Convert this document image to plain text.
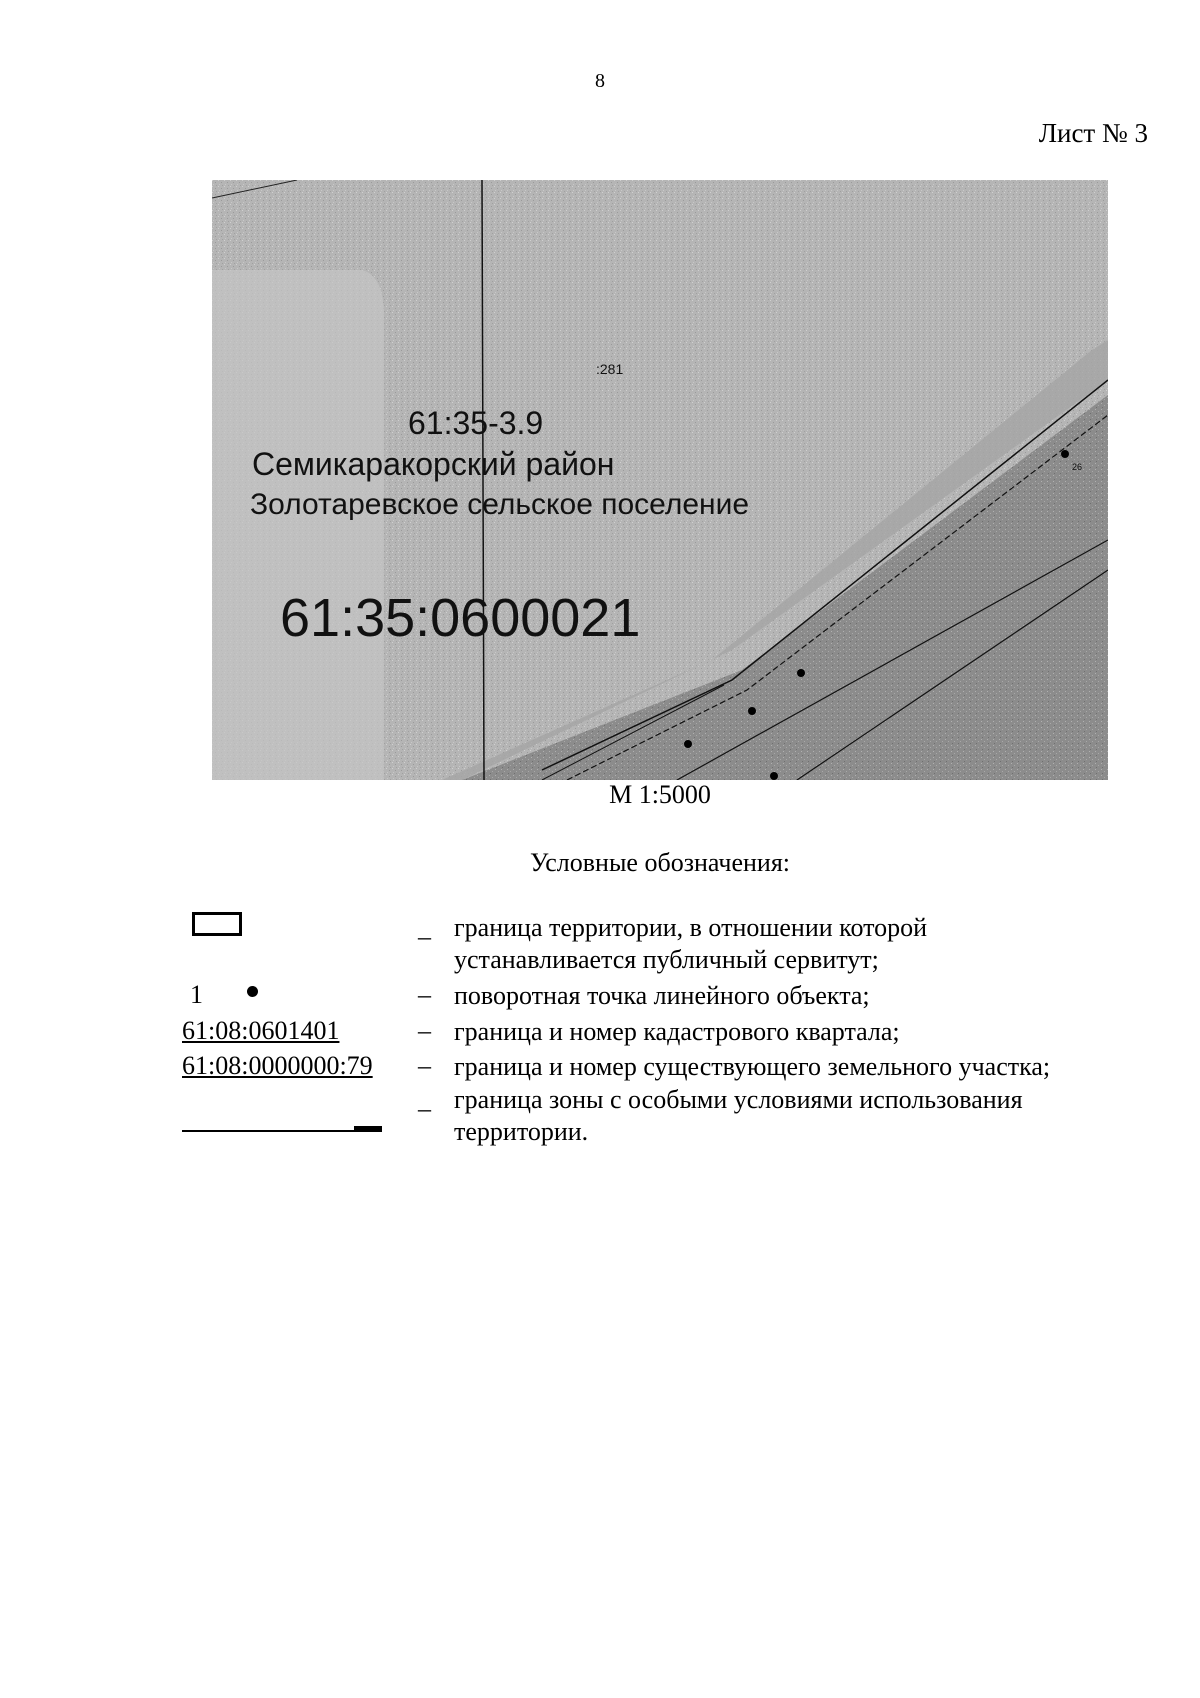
8
Лист № 3
:281
61:35-3.9
Семикаракорский район
Золотаревское сельское поселение
61:35:0600021
26
М 1:5000
Условные обозначения:
– граница территории, в отношении которой
устанавливается публичный сервитут;
1	– поворотная точка линейного объекта;
61:08:0601401	– граница и номер кадастрового квартала;
61:08:0000000:79 – граница и номер существующего земельного участка;
– граница зоны с особыми условиями использования
территории.
